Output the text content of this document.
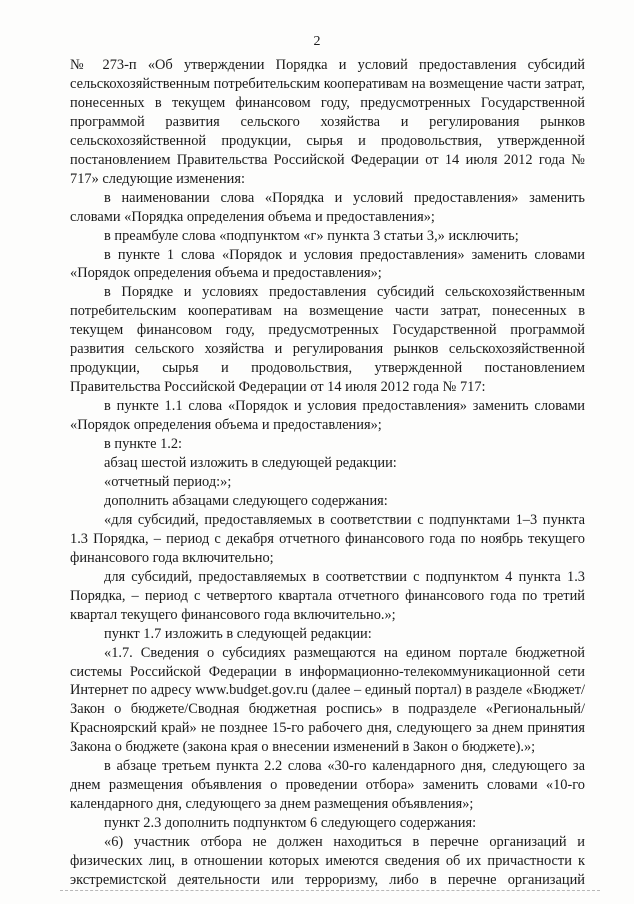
2

№ 273-п «Об утверждении Порядка и условий предоставления субсидий сельскохозяйственным потребительским кооперативам на возмещение части затрат, понесенных в текущем финансовом году, предусмотренных Государственной программой развития сельского хозяйства и регулирования рынков сельскохозяйственной продукции, сырья и продовольствия, утвержденной постановлением Правительства Российской Федерации от 14 июля 2012 года № 717» следующие изменения:

в наименовании слова «Порядка и условий предоставления» заменить словами «Порядка определения объема и предоставления»;

в преамбуле слова «подпунктом «г» пункта 3 статьи 3,» исключить;

в пункте 1 слова «Порядок и условия предоставления» заменить словами «Порядок определения объема и предоставления»;

в Порядке и условиях предоставления субсидий сельскохозяйственным потребительским кооперативам на возмещение части затрат, понесенных в текущем финансовом году, предусмотренных Государственной программой развития сельского хозяйства и регулирования рынков сельскохозяйственной продукции, сырья и продовольствия, утвержденной постановлением Правительства Российской Федерации от 14 июля 2012 года № 717:

в пункте 1.1 слова «Порядок и условия предоставления» заменить словами «Порядок определения объема и предоставления»;

в пункте 1.2:

абзац шестой изложить в следующей редакции:

«отчетный период:»;

дополнить абзацами следующего содержания:

«для субсидий, предоставляемых в соответствии с подпунктами 1–3 пункта 1.3 Порядка, – период с декабря отчетного финансового года по ноябрь текущего финансового года включительно;

для субсидий, предоставляемых в соответствии с подпунктом 4 пункта 1.3 Порядка, – период с четвертого квартала отчетного финансового года по третий квартал текущего финансового года включительно.»;

пункт 1.7 изложить в следующей редакции:

«1.7. Сведения о субсидиях размещаются на едином портале бюджетной системы Российской Федерации в информационно-телекоммуникационной сети Интернет по адресу www.budget.gov.ru (далее – единый портал) в разделе «Бюджет/Закон о бюджете/Сводная бюджетная роспись» в подразделе «Региональный/Красноярский край» не позднее 15-го рабочего дня, следующего за днем принятия Закона о бюджете (закона края о внесении изменений в Закон о бюджете).»;

в абзаце третьем пункта 2.2 слова «30-го календарного дня, следующего за днем размещения объявления о проведении отбора» заменить словами «10-го календарного дня, следующего за днем размещения объявления»;

пункт 2.3 дополнить подпунктом 6 следующего содержания:

«6) участник отбора не должен находиться в перечне организаций и физических лиц, в отношении которых имеются сведения об их причастности к экстремистской деятельности или терроризму, либо в перечне организаций
